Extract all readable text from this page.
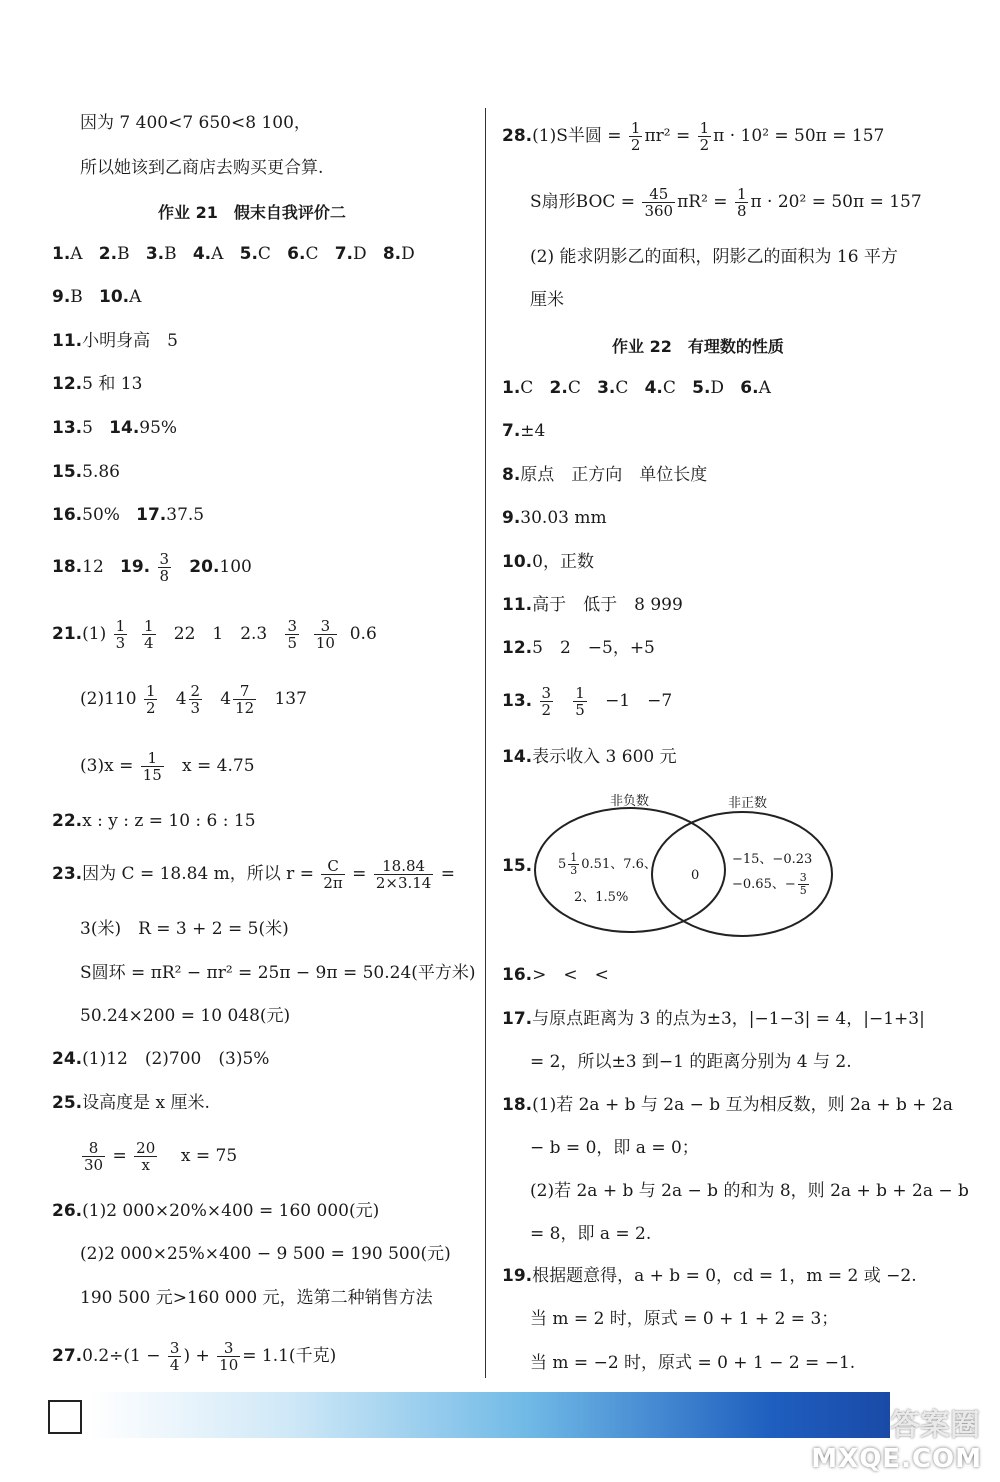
因为 7 400<7 650<8 100，
所以她该到乙商店去购买更合算.
作业 21　假末自我评价二
1.A 2.B 3.B 4.A 5.C 6.C 7.D 8.D
9.B 10.A
11.小明身高　5
12.5 和 13
13.5 14.95%
15.5.86
16.50% 17.37.5
18.12 19. $\frac{3}{8} 20.100$
$21.(1) \frac{1}{3}$
$\frac{1}{4} 22$　1　$2.3 \frac{3}{5}$
$\frac{3}{10} 0.6$
$(2)110 \frac{1}{2} 4 \frac{2}{3} 4 \frac{7}{12} 137$
$(3)x = \frac{1}{15}$ x = 4.75
22.x : y : z = 10 : 6 : 15
23.因为 C = 18.84 m，所以 $r = \frac{C}{2\pi} = \frac{18.84}{2\times 3.14}$ =
3(米)　R = 3 + 2 = 5(米)
S圆环 = πR² − πr² = 25π − 9π = 50.24(平方米)
50.24×200 = 10 048(元)
24.(1)12　(2)700　(3)5%
25.设高度是 x 厘米.
$\frac{8}{30} = \frac{20}{x}$ x = 75
26.(1)2 000×20%×400 = 160 000(元)
(2)2 000×25%×400 − 9 500 = 190 500(元)
190 500 元>160 000 元，选第二种销售方法
$27.0.2\div(1 - \frac{3}{4}$ ) + $\frac{3}{10} = 1.1$(千克)
28.(1)S半圆 = $\frac{1}{2} \pi r^2 = \frac{1}{2}$ π · 10² = 50π = 157
S扇形BOC = $\frac{45}{360} \pi R^2 = \frac{1}{8}$ π · 20² = 50π = 157
(2) 能求阴影乙的面积，阴影乙的面积为 16 平方
厘米
作业 22　有理数的性质
1.C 2.C 3.C 4.C 5.D 6.A
7.±4
8.原点　正方向　单位长度
9.30.03 mm
10.0，正数
11.高于　低于　8 999
12.5　2　−5，+5
13. $\frac{3}{2}$
$\frac{1}{5} -1$　−7
14.表示收入 3 600 元
15.
非负数	非正数
$5 \frac{1}{3} 0.51$、7.6、
2、1.5%
0
−15、−0.23
−0.65、− $\frac{3}{5}$
16.>　<　<
17.与原点距离为 3 的点为±3，|−1−3| = 4，|−1+3|
= 2，所以±3 到−1 的距离分别为 4 与 2.
18.(1)若 2a + b 与 2a − b 互为相反数，则 2a + b + 2a
− b = 0，即 a = 0；
(2)若 2a + b 与 2a − b 的和为 8，则 2a + b + 2a − b
= 8，即 a = 2.
19.根据题意得，a + b = 0，cd = 1，m = 2 或 −2.
当 m = 2 时，原式 = 0 + 1 + 2 = 3；
当 m = −2 时，原式 = 0 + 1 − 2 = −1.
答案圈
MXQE.COM
